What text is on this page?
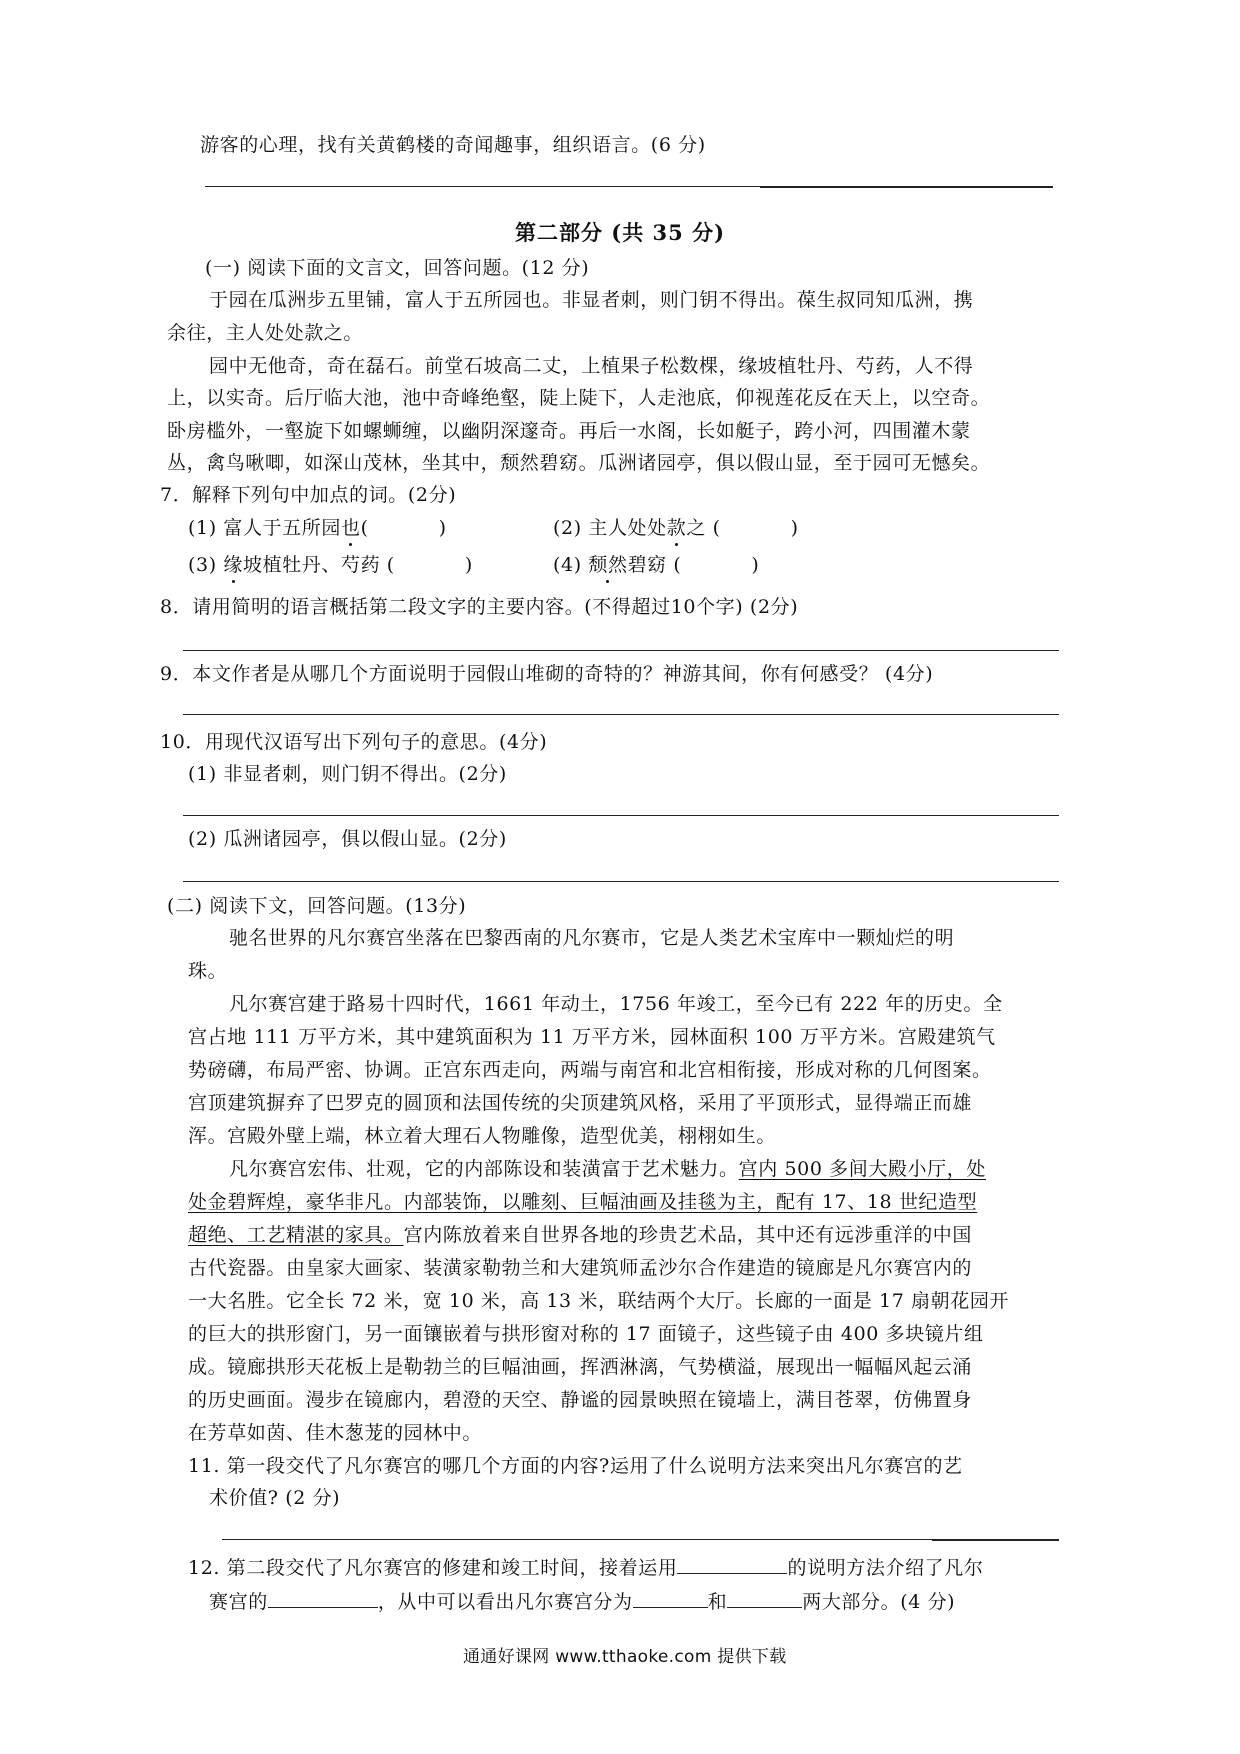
游客的心理，找有关黄鹤楼的奇闻趣事，组织语言。(6 分)
第二部分 (共 35 分)
(一) 阅读下面的文言文，回答问题。(12 分)
于园在瓜洲步五里铺，富人于五所园也。非显者刺，则门钥不得出。葆生叔同知瓜洲，携
余往，主人处处款之。
园中无他奇，奇在磊石。前堂石坡高二丈，上植果子松数棵，缘坡植牡丹、芍药，人不得
上，以实奇。后厅临大池，池中奇峰绝壑，陡上陡下，人走池底，仰视莲花反在天上，以空奇。
卧房槛外，一壑旋下如螺蛳缠，以幽阴深邃奇。再后一水阁，长如艇子，跨小河，四围灌木蒙
丛，禽鸟啾唧，如深山茂林，坐其中，颓然碧窈。瓜洲诸园亭，俱以假山显，至于园可无憾矣。
7．解释下列句中加点的词。(2分)
(1) 富人于五所园也(	)	(2) 主人处处款之 (	)
(3) 缘坡植牡丹、芍药 (	)	(4) 颓然碧窈 (	)
8．请用简明的语言概括第二段文字的主要内容。(不得超过10个字) (2分)
9．本文作者是从哪几个方面说明于园假山堆砌的奇特的？神游其间，你有何感受？ (4分)
10．用现代汉语写出下列句子的意思。(4分)
(1) 非显者刺，则门钥不得出。(2分)
(2) 瓜洲诸园亭，俱以假山显。(2分)
(二) 阅读下文，回答问题。(13分)
驰名世界的凡尔赛宫坐落在巴黎西南的凡尔赛市，它是人类艺术宝库中一颗灿烂的明
珠。
凡尔赛宫建于路易十四时代，1661 年动土，1756 年竣工，至今已有 222 年的历史。全
宫占地 111 万平方米，其中建筑面积为 11 万平方米，园林面积 100 万平方米。宫殿建筑气
势磅礴，布局严密、协调。正宫东西走向，两端与南宫和北宫相衔接，形成对称的几何图案。
宫顶建筑摒弃了巴罗克的圆顶和法国传统的尖顶建筑风格，采用了平顶形式，显得端正而雄
浑。宫殿外壁上端，林立着大理石人物雕像，造型优美，栩栩如生。
凡尔赛宫宏伟、壮观，它的内部陈设和装潢富于艺术魅力。宫内 500 多间大殿小厅，处
处金碧辉煌，豪华非凡。内部装饰，以雕刻、巨幅油画及挂毯为主，配有 17、18 世纪造型
超绝、工艺精湛的家具。宫内陈放着来自世界各地的珍贵艺术品，其中还有远涉重洋的中国
古代瓷器。由皇家大画家、装潢家勒勃兰和大建筑师孟沙尔合作建造的镜廊是凡尔赛宫内的
一大名胜。它全长 72 米，宽 10 米，高 13 米，联结两个大厅。长廊的一面是 17 扇朝花园开
的巨大的拱形窗门，另一面镶嵌着与拱形窗对称的 17 面镜子，这些镜子由 400 多块镜片组
成。镜廊拱形天花板上是勒勃兰的巨幅油画，挥洒淋漓，气势横溢，展现出一幅幅风起云涌
的历史画面。漫步在镜廊内，碧澄的天空、静谧的园景映照在镜墙上，满目苍翠，仿佛置身
在芳草如茵、佳木葱茏的园林中。
11. 第一段交代了凡尔赛宫的哪几个方面的内容?运用了什么说明方法来突出凡尔赛宫的艺
术价值? (2 分)
12. 第二段交代了凡尔赛宫的修建和竣工时间，接着运用	的说明方法介绍了凡尔
赛宫的	，从中可以看出凡尔赛宫分为	和	两大部分。(4 分)
通通好课网 www.tthaoke.com 提供下载
